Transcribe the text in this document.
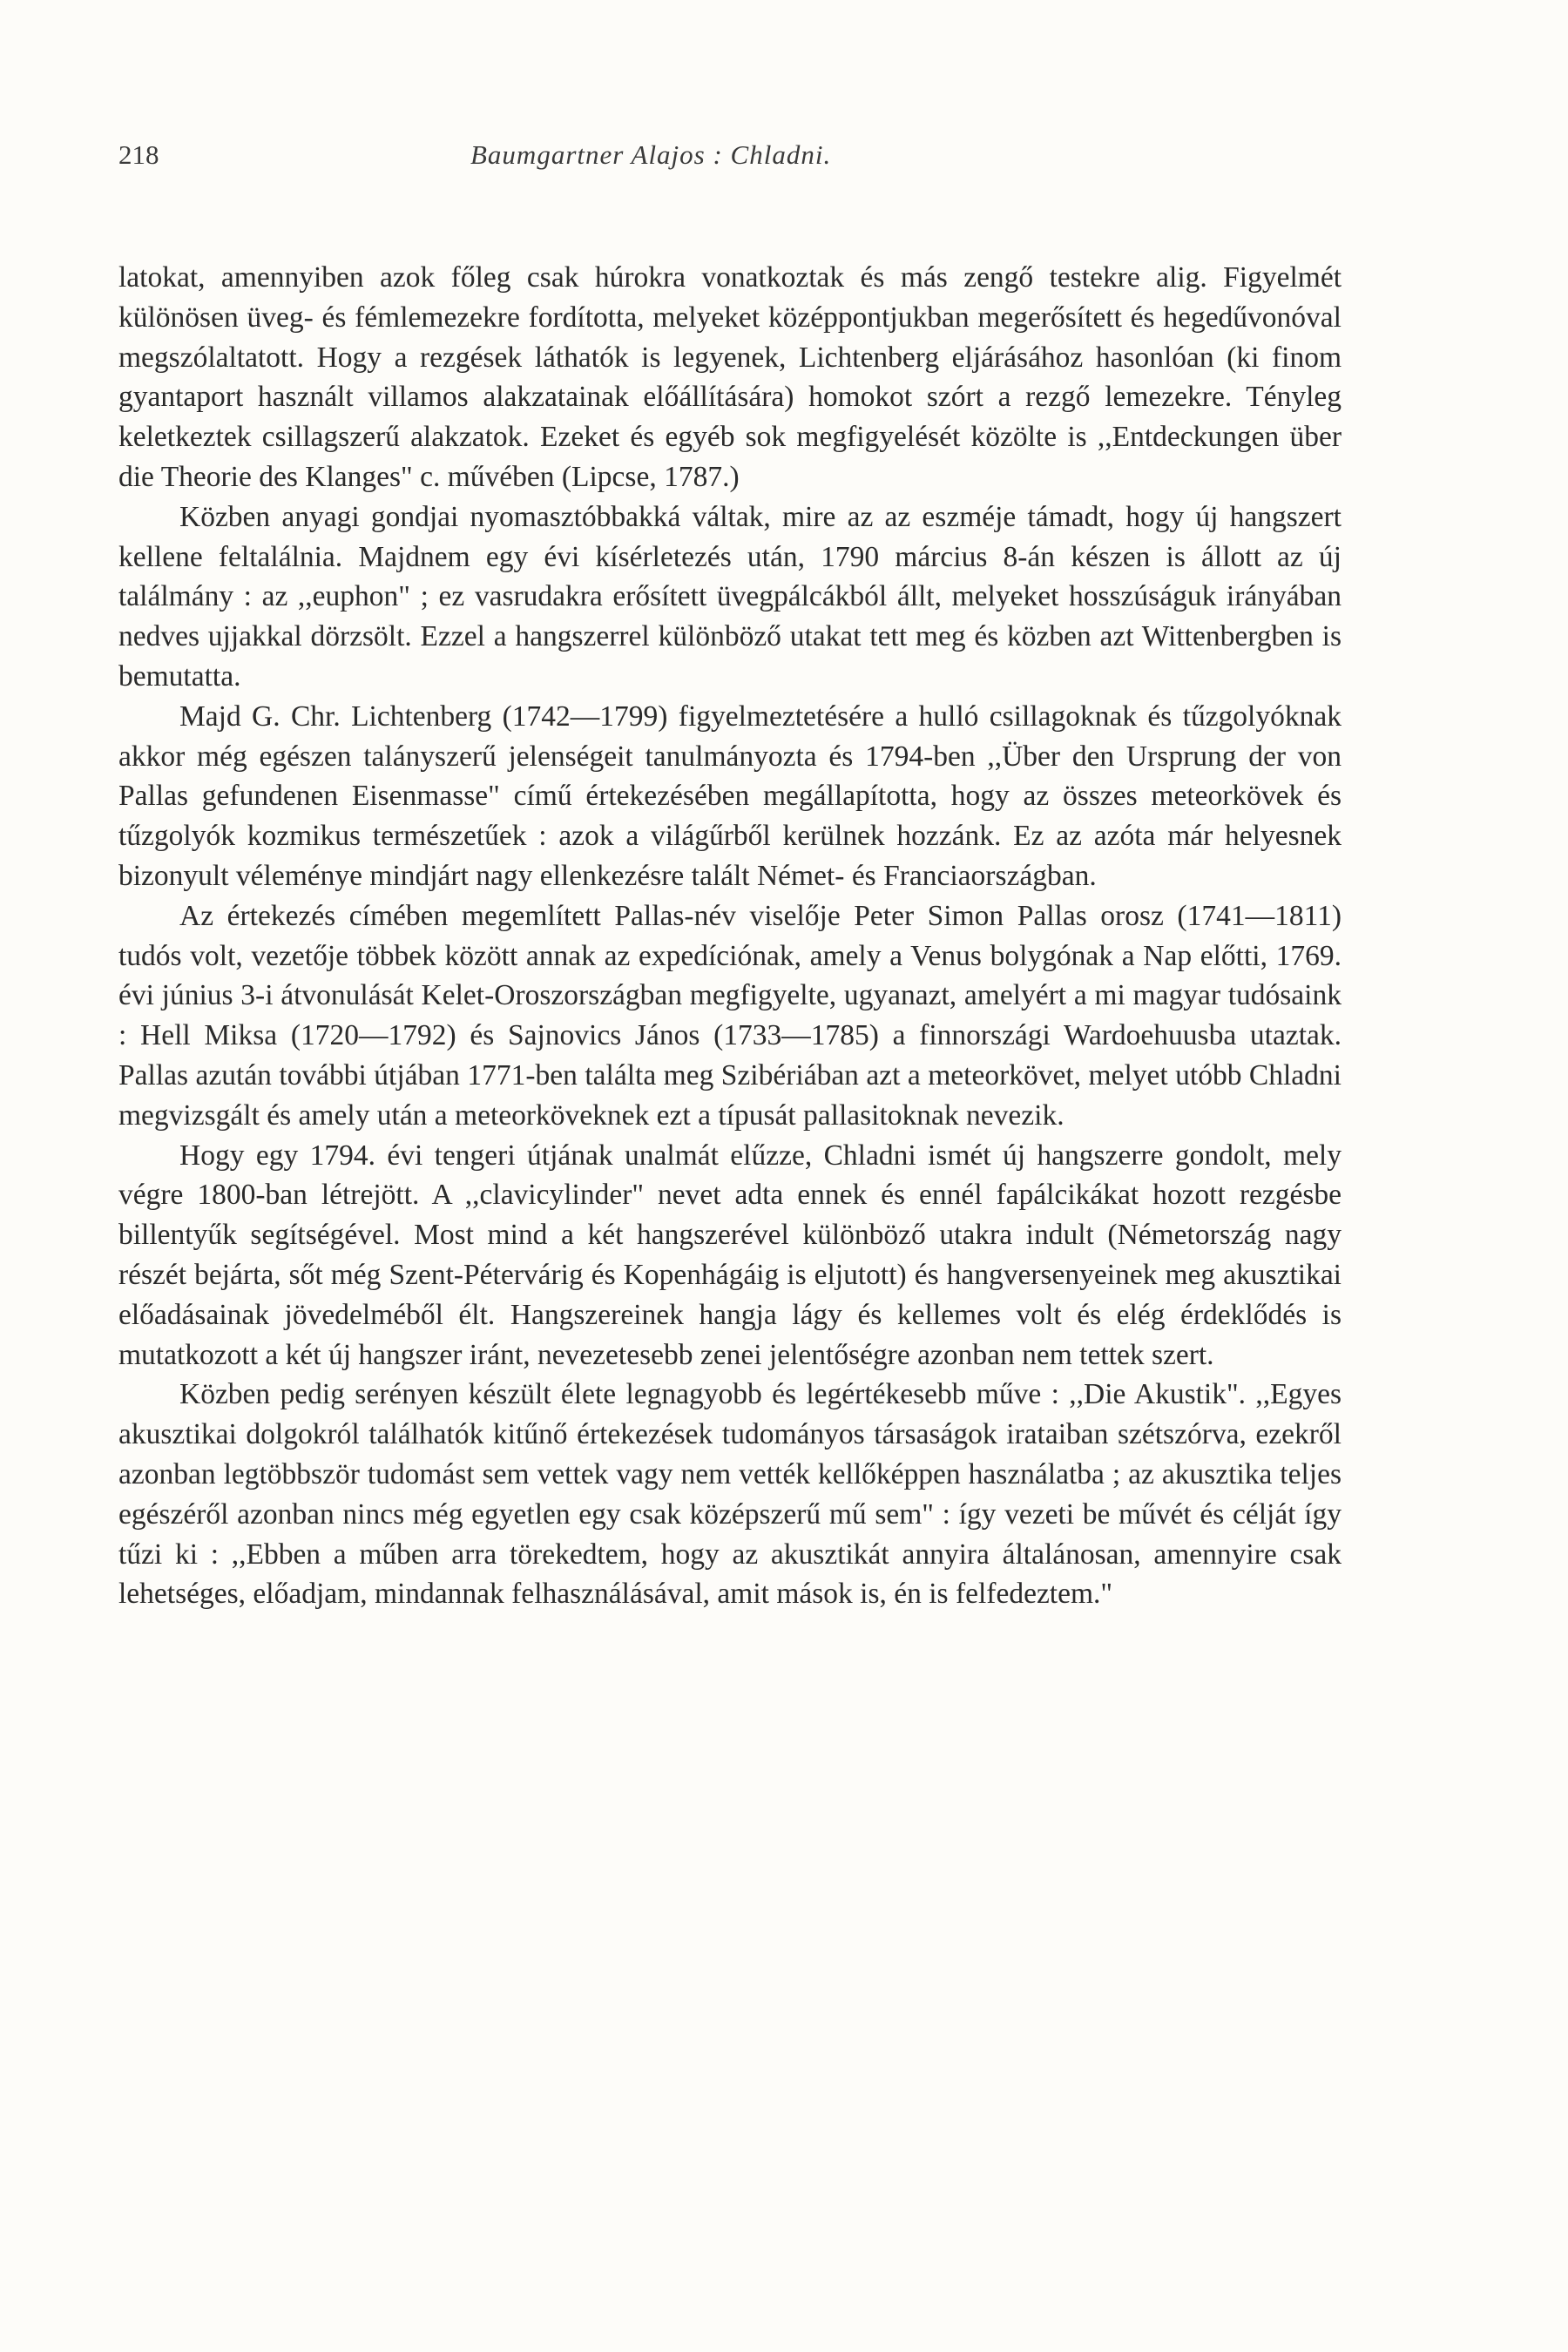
218	Baumgartner Alajos : Chladni.

latokat, amennyiben azok főleg csak húrokra vonatkoztak és más zengő testekre alig. Figyelmét különösen üveg- és fémlemezekre fordította, melyeket középpontjukban megerősített és hegedűvonóval megszólaltatott. Hogy a rezgések láthatók is legyenek, Lichtenberg eljárásához hasonlóan (ki finom gyantaport használt villamos alakzatainak előállítására) homokot szórt a rezgő lemezekre. Tényleg keletkeztek csillagszerű alakzatok. Ezeket és egyéb sok megfigyelését közölte is ,,Entdeckungen über die Theorie des Klanges" c. művében (Lipcse, 1787.)

Közben anyagi gondjai nyomasztóbbakká váltak, mire az az eszméje támadt, hogy új hangszert kellene feltalálnia. Majdnem egy évi kísérletezés után, 1790 március 8-án készen is állott az új találmány : az ,,euphon" ; ez vasrudakra erősített üvegpálcákból állt, melyeket hosszúságuk irányában nedves ujjakkal dörzsölt. Ezzel a hangszerrel különböző utakat tett meg és közben azt Wittenbergben is bemutatta.

Majd G. Chr. Lichtenberg (1742—1799) figyelmeztetésére a hulló csillagoknak és tűzgolyóknak akkor még egészen talányszerű jelenségeit tanulmányozta és 1794-ben ,,Über den Ursprung der von Pallas gefundenen Eisenmasse" című értekezésében megállapította, hogy az összes meteorkövek és tűzgolyók kozmikus természetűek : azok a világűrből kerülnek hozzánk. Ez az azóta már helyesnek bizonyult véleménye mindjárt nagy ellenkezésre talált Német- és Franciaországban.

Az értekezés címében megemlített Pallas-név viselője Peter Simon Pallas orosz (1741—1811) tudós volt, vezetője többek között annak az expedíciónak, amely a Venus bolygónak a Nap előtti, 1769. évi június 3-i átvonulását Kelet-Oroszországban megfigyelte, ugyanazt, amelyért a mi magyar tudósaink : Hell Miksa (1720—1792) és Sajnovics János (1733—1785) a finnországi Wardoehuusba utaztak. Pallas azután további útjában 1771-ben találta meg Szibériában azt a meteorkövet, melyet utóbb Chladni megvizsgált és amely után a meteorköveknek ezt a típusát pallasitoknak nevezik.

Hogy egy 1794. évi tengeri útjának unalmát elűzze, Chladni ismét új hangszerre gondolt, mely végre 1800-ban létrejött. A ,,clavicylinder" nevet adta ennek és ennél fapálcikákat hozott rezgésbe billentyűk segítségével. Most mind a két hangszerével különböző utakra indult (Németország nagy részét bejárta, sőt még Szent-Pétervárig és Kopenhágáig is eljutott) és hangversenyeinek meg akusztikai előadásainak jövedelméből élt. Hangszereinek hangja lágy és kellemes volt és elég érdeklődés is mutatkozott a két új hangszer iránt, nevezetesebb zenei jelentőségre azonban nem tettek szert.

Közben pedig serényen készült élete legnagyobb és legértékesebb műve : ,,Die Akustik". ,,Egyes akusztikai dolgokról találhatók kitűnő értekezések tudományos társaságok irataiban szétszórva, ezekről azonban legtöbbször tudomást sem vettek vagy nem vették kellőképpen használatba ; az akusztika teljes egészéről azonban nincs még egyetlen egy csak középszerű mű sem" : így vezeti be művét és célját így tűzi ki : ,,Ebben a műben arra törekedtem, hogy az akusztikát annyira általánosan, amennyire csak lehetséges, előadjam, mindannak felhasználásával, amit mások is, én is felfedeztem."
